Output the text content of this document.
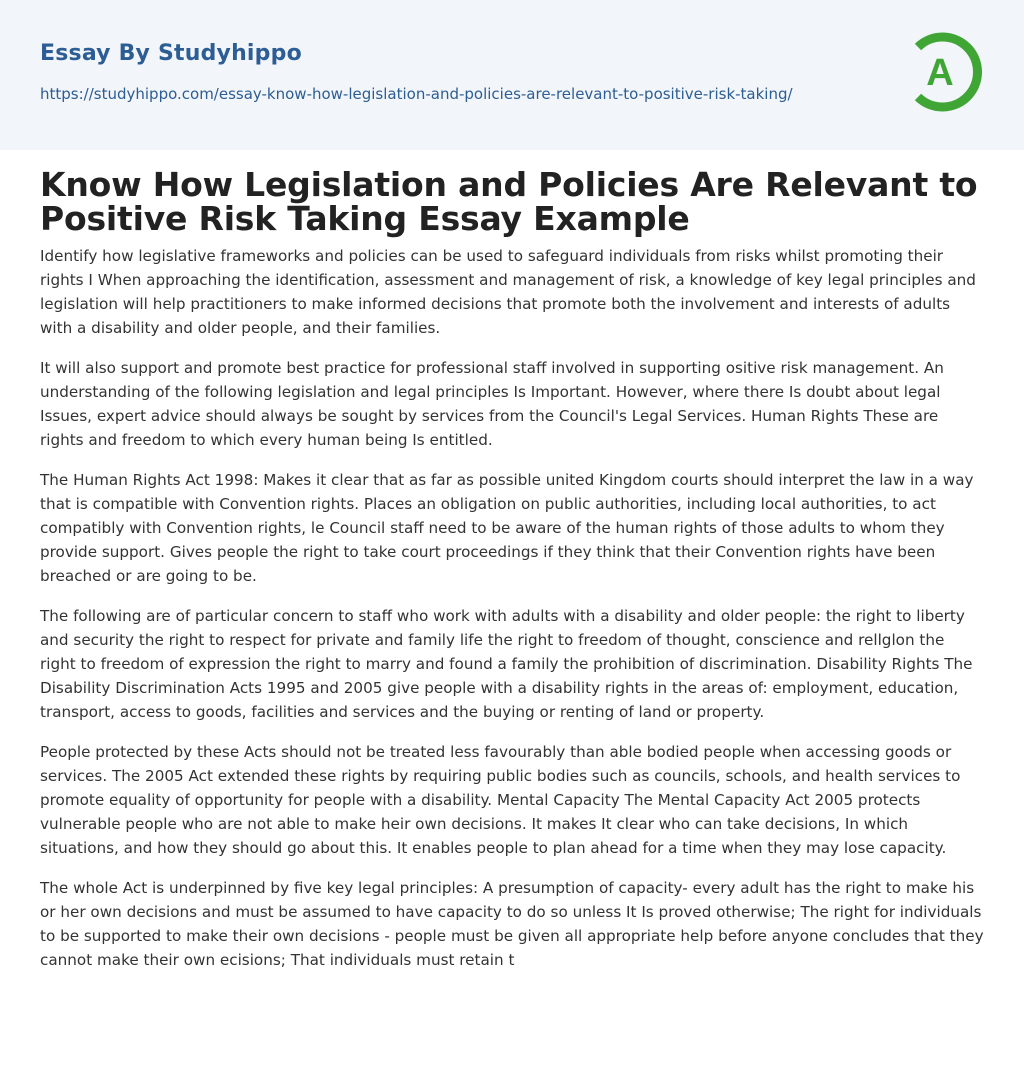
Essay By Studyhippo
https://studyhippo.com/essay-know-how-legislation-and-policies-are-relevant-to-positive-risk-taking/	A
Know How Legislation and Policies Are Relevant to Positive Risk Taking Essay Example

Identify how legislative frameworks and policies can be used to safeguard individuals from risks whilst promoting their rights I When approaching the identification, assessment and management of risk, a knowledge of key legal principles and legislation will help practitioners to make informed decisions that promote both the involvement and interests of adults with a disability and older people, and their families.

It will also support and promote best practice for professional staff involved in supporting ositive risk management. An understanding of the following legislation and legal principles Is Important. However, where there Is doubt about legal Issues, expert advice should always be sought by services from the Council's Legal Services. Human Rights These are rights and freedom to which every human being Is entitled.

The Human Rights Act 1998: Makes it clear that as far as possible united Kingdom courts should interpret the law in a way that is compatible with Convention rights. Places an obligation on public authorities, including local authorities, to act compatibly with Convention rights, le Council staff need to be aware of the human rights of those adults to whom they provide support. Gives people the right to take court proceedings if they think that their Convention rights have been breached or are going to be.

The following are of particular concern to staff who work with adults with a disability and older people: the right to liberty and security the right to respect for private and family life the right to freedom of thought, conscience and rellglon the right to freedom of expression the right to marry and found a family the prohibition of discrimination. Disability Rights The Disability Discrimination Acts 1995 and 2005 give people with a disability rights in the areas of: employment, education, transport, access to goods, facilities and services and the buying or renting of land or property.

People protected by these Acts should not be treated less favourably than able bodied people when accessing goods or services. The 2005 Act extended these rights by requiring public bodies such as councils, schools, and health services to promote equality of opportunity for people with a disability. Mental Capacity The Mental Capacity Act 2005 protects vulnerable people who are not able to make heir own decisions. It makes It clear who can take decisions, In which situations, and how they should go about this. It enables people to plan ahead for a time when they may lose capacity.

The whole Act is underpinned by five key legal principles: A presumption of capacity- every adult has the right to make his or her own decisions and must be assumed to have capacity to do so unless It Is proved otherwise; The right for individuals to be supported to make their own decisions - people must be given all appropriate help before anyone concludes that they cannot make their own ecisions; That individuals must retain t
